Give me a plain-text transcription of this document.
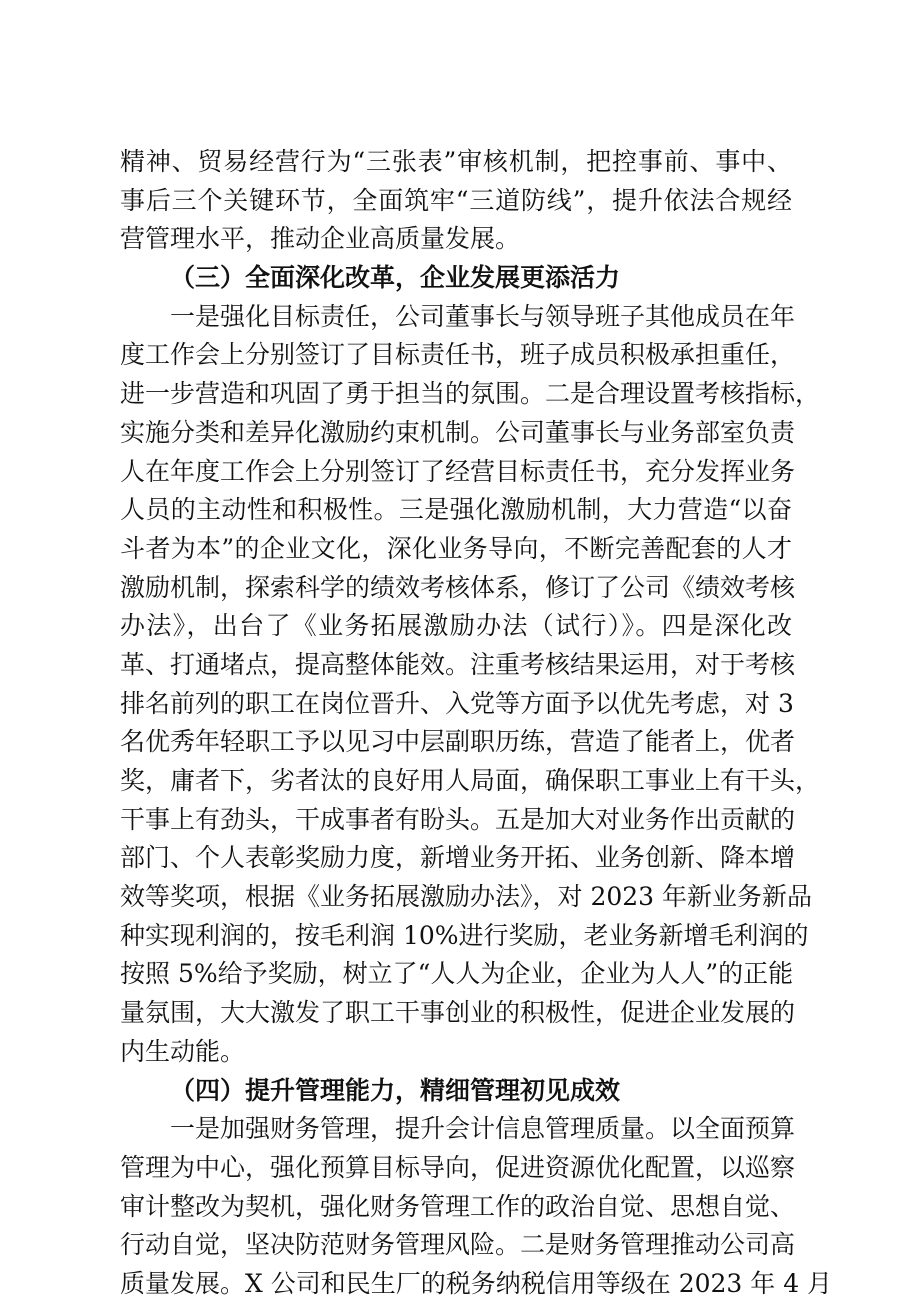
精神、贸易经营行为“三张表”审核机制，把控事前、事中、
事后三个关键环节，全面筑牢“三道防线”，提升依法合规经
营管理水平，推动企业高质量发展。
（三）全面深化改革，企业发展更添活力
一是强化目标责任，公司董事长与领导班子其他成员在年
度工作会上分别签订了目标责任书，班子成员积极承担重任，
进一步营造和巩固了勇于担当的氛围。二是合理设置考核指标，
实施分类和差异化激励约束机制。公司董事长与业务部室负责
人在年度工作会上分别签订了经营目标责任书，充分发挥业务
人员的主动性和积极性。三是强化激励机制，大力营造“以奋
斗者为本”的企业文化，深化业务导向，不断完善配套的人才
激励机制，探索科学的绩效考核体系，修订了公司《绩效考核
办法》，出台了《业务拓展激励办法（试行）》。四是深化改
革、打通堵点，提高整体能效。注重考核结果运用，对于考核
排名前列的职工在岗位晋升、入党等方面予以优先考虑，对 3
名优秀年轻职工予以见习中层副职历练，营造了能者上，优者
奖，庸者下，劣者汰的良好用人局面，确保职工事业上有干头，
干事上有劲头，干成事者有盼头。五是加大对业务作出贡献的
部门、个人表彰奖励力度，新增业务开拓、业务创新、降本增
效等奖项，根据《业务拓展激励办法》，对 2023 年新业务新品
种实现利润的，按毛利润 10%进行奖励，老业务新增毛利润的
按照 5%给予奖励，树立了“人人为企业，企业为人人”的正能
量氛围，大大激发了职工干事创业的积极性，促进企业发展的
内生动能。
（四）提升管理能力，精细管理初见成效
一是加强财务管理，提升会计信息管理质量。以全面预算
管理为中心，强化预算目标导向，促进资源优化配置，以巡察
审计整改为契机，强化财务管理工作的政治自觉、思想自觉、
行动自觉，坚决防范财务管理风险。二是财务管理推动公司高
质量发展。X 公司和民生厂的税务纳税信用等级在 2023 年 4 月
